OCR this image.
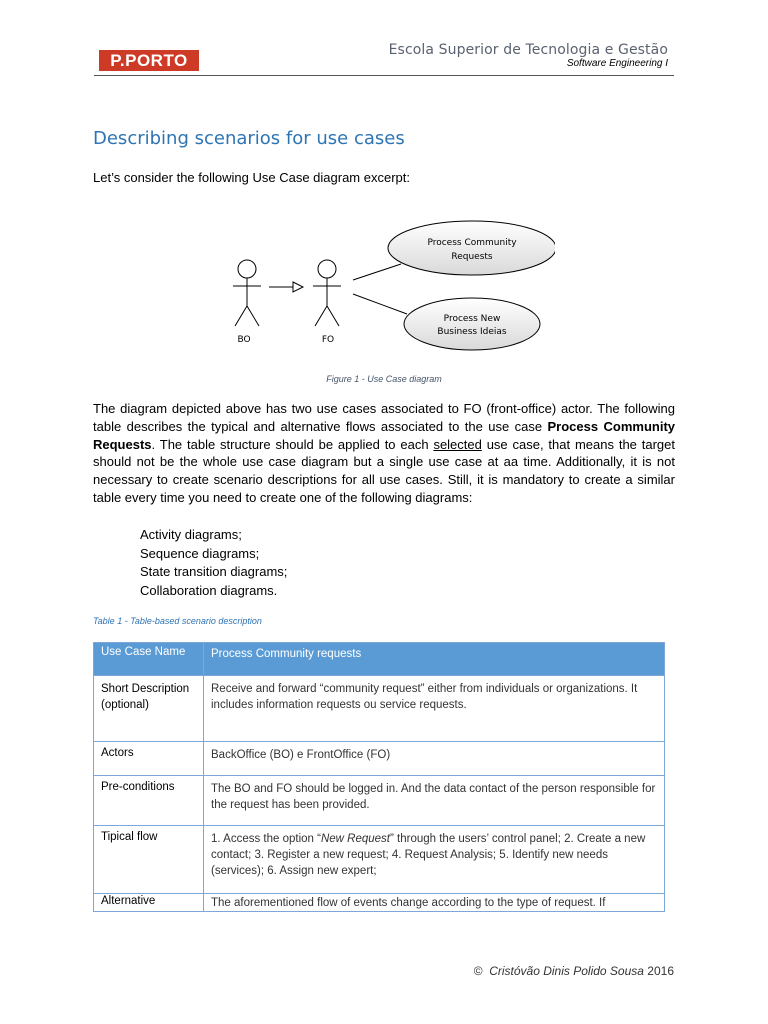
P.PORTO
Escola Superior de Tecnologia e Gestão
Software Engineering I
Describing scenarios for use cases
Let’s consider the following Use Case diagram excerpt:
Process Community
Requests
Process New
Business Ideias
BO	FO
Figure 1 - Use Case diagram
The diagram depicted above has two use cases associated to FO (front-office) actor. The following table describes the typical and alternative flows associated to the use case Process Community Requests. The table structure should be applied to each selected use case, that means the target should not be the whole use case diagram but a single use case at aa time. Additionally, it is not necessary to create scenario descriptions for all use cases. Still, it is mandatory to create a similar table every time you need to create one of the following diagrams:
Activity diagrams;
Sequence diagrams;
State transition diagrams;
Collaboration diagrams.
Table 1 - Table-based scenario description
Use Case Name	Process Community requests
Short Description (optional)	Receive and forward “community request” either from individuals or organizations. It includes information requests ou service requests.
Actors	BackOffice (BO) e FrontOffice (FO)
Pre-conditions	The BO and FO should be logged in. And the data contact of the person responsible for the request has been provided.
Tipical flow	1. Access the option “New Request” through the users’ control panel; 2. Create a new contact; 3. Register a new request; 4. Request Analysis; 5. Identify new needs (services); 6. Assign new expert;
Alternative	The aforementioned flow of events change according to the type of request. If
© Cristóvão Dinis Polido Sousa 2016
